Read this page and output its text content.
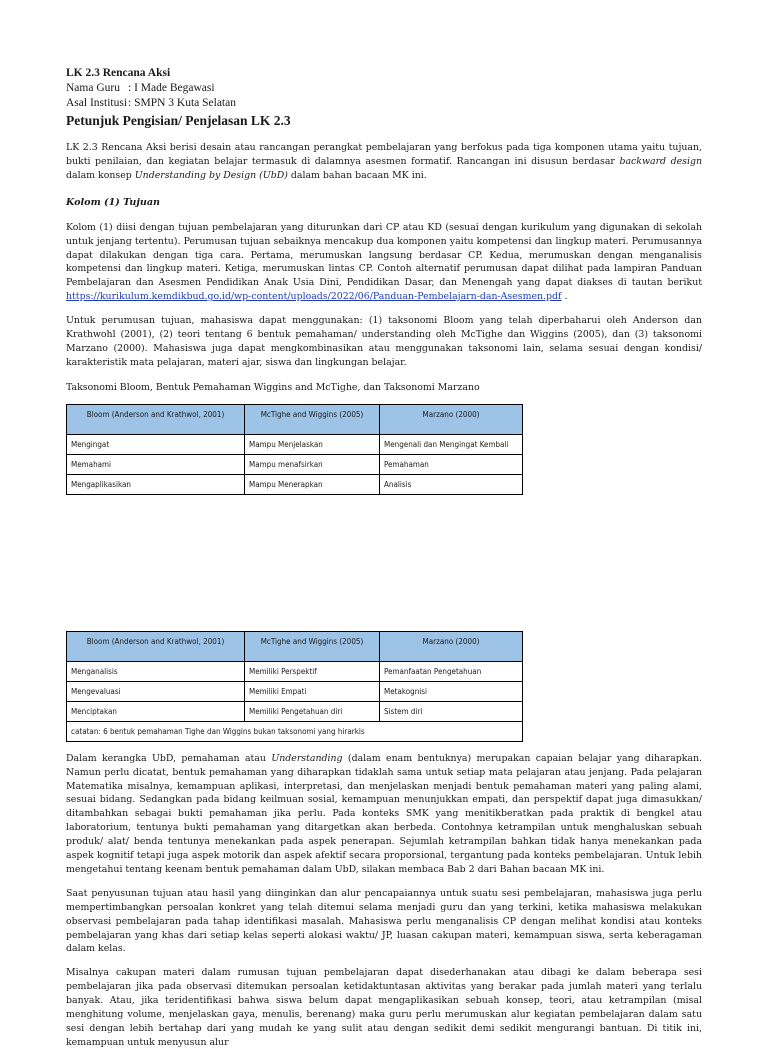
LK 2.3 Rencana Aksi
Nama Guru : I Made Begawasi
Asal Institusi : SMPN 3 Kuta Selatan
Petunjuk Pengisian/ Penjelasan LK 2.3

LK 2.3 Rencana Aksi berisi desain atau rancangan perangkat pembelajaran yang berfokus pada tiga komponen utama yaitu tujuan, bukti penilaian, dan kegiatan belajar termasuk di dalamnya asesmen formatif. Rancangan ini disusun berdasar backward design dalam konsep Understanding by Design (UbD) dalam bahan bacaan MK ini.

Kolom (1) Tujuan

Kolom (1) diisi dengan tujuan pembelajaran yang diturunkan dari CP atau KD (sesuai dengan kurikulum yang digunakan di sekolah untuk jenjang tertentu). Perumusan tujuan sebaiknya mencakup dua komponen yaitu kompetensi dan lingkup materi. Perumusannya dapat dilakukan dengan tiga cara. Pertama, merumuskan langsung berdasar CP. Kedua, merumuskan dengan menganalisis kompetensi dan lingkup materi. Ketiga, merumuskan lintas CP. Contoh alternatif perumusan dapat dilihat pada lampiran Panduan Pembelajaran dan Asesmen Pendidikan Anak Usia Dini, Pendidikan Dasar, dan Menengah yang dapat diakses di tautan berikut https://kurikulum.kemdikbud.go.id/wp-content/uploads/2022/06/Panduan-Pembelajarn-dan-Asesmen.pdf .

Untuk perumusan tujuan, mahasiswa dapat menggunakan: (1) taksonomi Bloom yang telah diperbaharui oleh Anderson dan Krathwohl (2001), (2) teori tentang 6 bentuk pemahaman/ understanding oleh McTighe dan Wiggins (2005), dan (3) taksonomi Marzano (2000). Mahasiswa juga dapat mengkombinasikan atau menggunakan taksonomi lain, selama sesuai dengan kondisi/ karakteristik mata pelajaran, materi ajar, siswa dan lingkungan belajar.

Taksonomi Bloom, Bentuk Pemahaman Wiggins and McTighe, dan Taksonomi Marzano

Bloom (Anderson and Krathwol, 2001)	McTighe and Wiggins (2005)	Marzano (2000)
Mengingat	Mampu Menjelaskan	Mengenali dan Mengingat Kembali
Memahami	Mampu menafsirkan	Pemahaman
Mengaplikasikan	Mampu Menerapkan	Analisis
Bloom (Anderson and Krathwol, 2001)	McTighe and Wiggins (2005)	Marzano (2000)
Menganalisis	Memiliki Perspektif	Pemanfaatan Pengetahuan
Mengevaluasi	Memiliki Empati	Metakognisi
Menciptakan	Memiliki Pengetahuan diri	Sistem diri
catatan: 6 bentuk pemahaman Tighe dan Wiggins bukan taksonomi yang hirarkis		

Dalam kerangka UbD, pemahaman atau Understanding (dalam enam bentuknya) merupakan capaian belajar yang diharapkan. Namun perlu dicatat, bentuk pemahaman yang diharapkan tidaklah sama untuk setiap mata pelajaran atau jenjang. Pada pelajaran Matematika misalnya, kemampuan aplikasi, interpretasi, dan menjelaskan menjadi bentuk pemahaman materi yang paling alami, sesuai bidang. Sedangkan pada bidang keilmuan sosial, kemampuan menunjukkan empati, dan perspektif dapat juga dimasukkan/ ditambahkan sebagai bukti pemahaman jika perlu. Pada konteks SMK yang menitikberatkan pada praktik di bengkel atau laboratorium, tentunya bukti pemahaman yang ditargetkan akan berbeda. Contohnya ketrampilan untuk menghaluskan sebuah produk/ alat/ benda tentunya menekankan pada aspek penerapan. Sejumlah ketrampilan bahkan tidak hanya menekankan pada aspek kognitif tetapi juga aspek motorik dan aspek afektif secara proporsional, tergantung pada konteks pembelajaran. Untuk lebih mengetahui tentang keenam bentuk pemahaman dalam UbD, silakan membaca Bab 2 dari Bahan bacaan MK ini.

Saat penyusunan tujuan atau hasil yang diinginkan dan alur pencapaiannya untuk suatu sesi pembelajaran, mahasiswa juga perlu mempertimbangkan persoalan konkret yang telah ditemui selama menjadi guru dan yang terkini, ketika mahasiswa melakukan observasi pembelajaran pada tahap identifikasi masalah. Mahasiswa perlu menganalisis CP dengan melihat kondisi atau konteks pembelajaran yang khas dari setiap kelas seperti alokasi waktu/ JP, luasan cakupan materi, kemampuan siswa, serta keberagaman dalam kelas.

Misalnya cakupan materi dalam rumusan tujuan pembelajaran dapat disederhanakan atau dibagi ke dalam beberapa sesi pembelajaran jika pada observasi ditemukan persoalan ketidaktuntasan aktivitas yang berakar pada jumlah materi yang terlalu banyak. Atau, jika teridentifikasi bahwa siswa belum dapat mengaplikasikan sebuah konsep, teori, atau ketrampilan (misal menghitung volume, menjelaskan gaya, menulis, berenang) maka guru perlu merumuskan alur kegiatan pembelajaran dalam satu sesi dengan lebih bertahap dari yang mudah ke yang sulit atau dengan sedikit demi sedikit mengurangi bantuan. Di titik ini, kemampuan untuk menyusun alur
